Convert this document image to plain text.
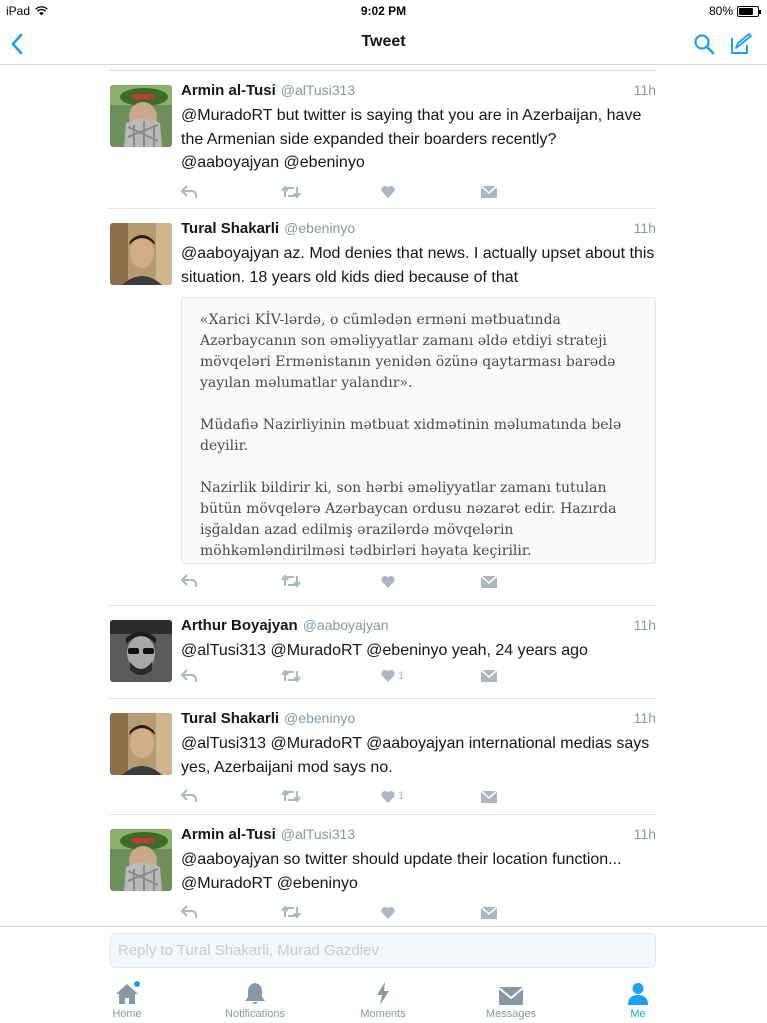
iPad	9:02 PM	80%
Tweet
Armin al-Tusi @alTusi313	11h
@MuradoRT but twitter is saying that you are in Azerbaijan, have the Armenian side expanded their boarders recently? @aaboyajyan @ebeninyo
Tural Shakarli @ebeninyo	11h
@aaboyajyan az. Mod denies that news. I actually upset about this situation. 18 years old kids died because of that

«Xarici KİV-lərdə, o cümlədən erməni mətbuatında Azərbaycanın son əməliyyatlar zamanı əldə etdiyi strateji mövqeləri Ermənistanın yenidən özünə qaytarması barədə yayılan məlumatlar yalandır».

Müdafiə Nazirliyinin mətbuat xidmətinin məlumatında belə deyilir.

Nazirlik bildirir ki, son hərbi əməliyyatlar zamanı tutulan bütün mövqelərə Azərbaycan ordusu nəzarət edir. Hazırda işğaldan azad edilmiş ərazilərdə mövqelərin möhkəmləndirilməsi tədbirləri həyata keçirilir.

Arthur Boyajyan @aaboyajyan	11h
@alTusi313 @MuradoRT @ebeninyo yeah, 24 years ago
1
Tural Shakarli @ebeninyo	11h
@alTusi313 @MuradoRT @aaboyajyan international medias says yes, Azerbaijani mod says no.
1
Armin al-Tusi @alTusi313	11h
@aaboyajyan so twitter should update their location function... @MuradoRT @ebeninyo
Reply to Tural Shakarli, Murad Gazdiev
Home	Notifications	Moments	Messages	Me
